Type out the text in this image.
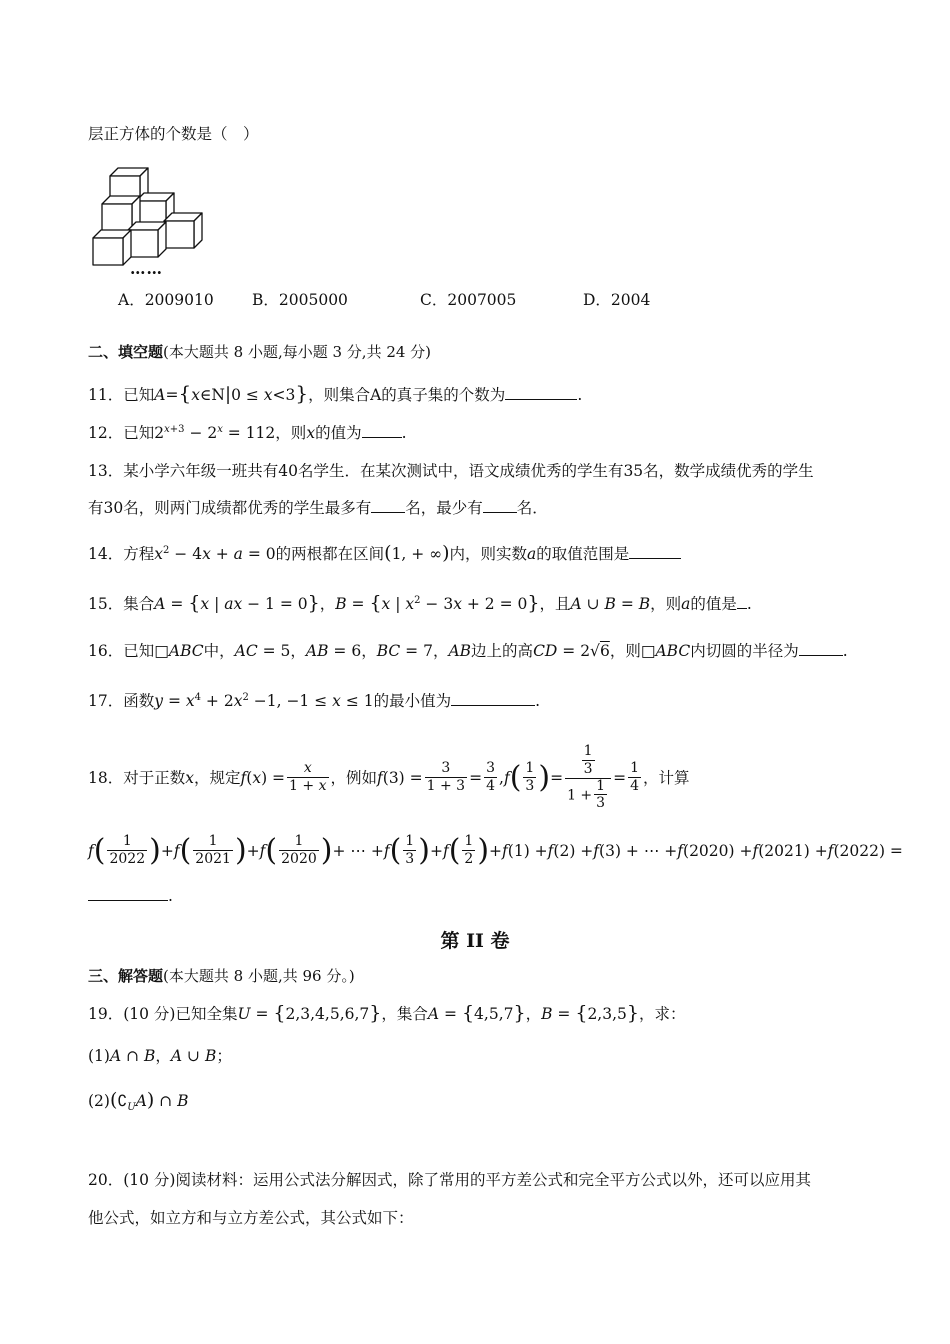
层正方体的个数是（　）
……
A．2009010 B．2005000	C．2007005	D．2004
二、填空题(本大题共 8 小题,每小题 3 分,共 24 分)
11．已知A={x∈N|0 ≤ x<3}，则集合A的真子集的个数为	.
12．已知$2^{x+3} - 2^x = 112$，则x的值为	.
13．某小学六年级一班共有40名学生．在某次测试中，语文成绩优秀的学生有35名，数学成绩优秀的学生
有30名，则两门成绩都优秀的学生最多有 名，最少有 名．
14．方程$x^2 - 4x + a = 0$的两根都在区间(1, + ∞)内，则实数a的取值范围是
15．集合A = {x | ax − 1 = 0}，B = {x | $x^2 - 3x + 2 = 0$}，且A ∪ B = B，则a的值是 .
16．已知□ABC中，AC = 5，AB = 6，BC = 7，AB边上的高CD = 2√6，则□ABC内切圆的半径为	.
17．函数$y = x^4 + 2x^2 -1$, −1 ≤ x ≤ 1的最小值为	.
18． 对于正数 x ，规定 f ( x ) = $\frac{x}{1 + x}$ ，例如 f $(3) = \frac{3}{1 + 3} = \frac{3}{4}$ , f ( $\frac{1}{3}$ ) = $\frac{\frac{1}{3}}{1 + \frac{1}{3}} = \frac{1}{4}$ ，计算
f ( $\frac{1}{2022}$ ) + f ( $\frac{1}{2021}$ ) + f ( $\frac{1}{2020}$ ) + ⋯ + f ( $\frac{1}{3}$ ) + f ( $\frac{1}{2}$ ) + f (1) + f (2) + f (3) + ⋯ + f (2020) + f (2021) + f (2022) =
.
第 II 卷
三、解答题(本大题共 8 小题,共 96 分。)
19．(10 分)已知全集U = {2,3,4,5,6,7}，集合A = {4,5,7}，B = {2,3,5}，求：
(1)A ∩ B，A ∪ B；
$(2)(∁_UA)$ ∩ B
20．(10 分)阅读材料：运用公式法分解因式，除了常用的平方差公式和完全平方公式以外，还可以应用其
他公式，如立方和与立方差公式，其公式如下：
